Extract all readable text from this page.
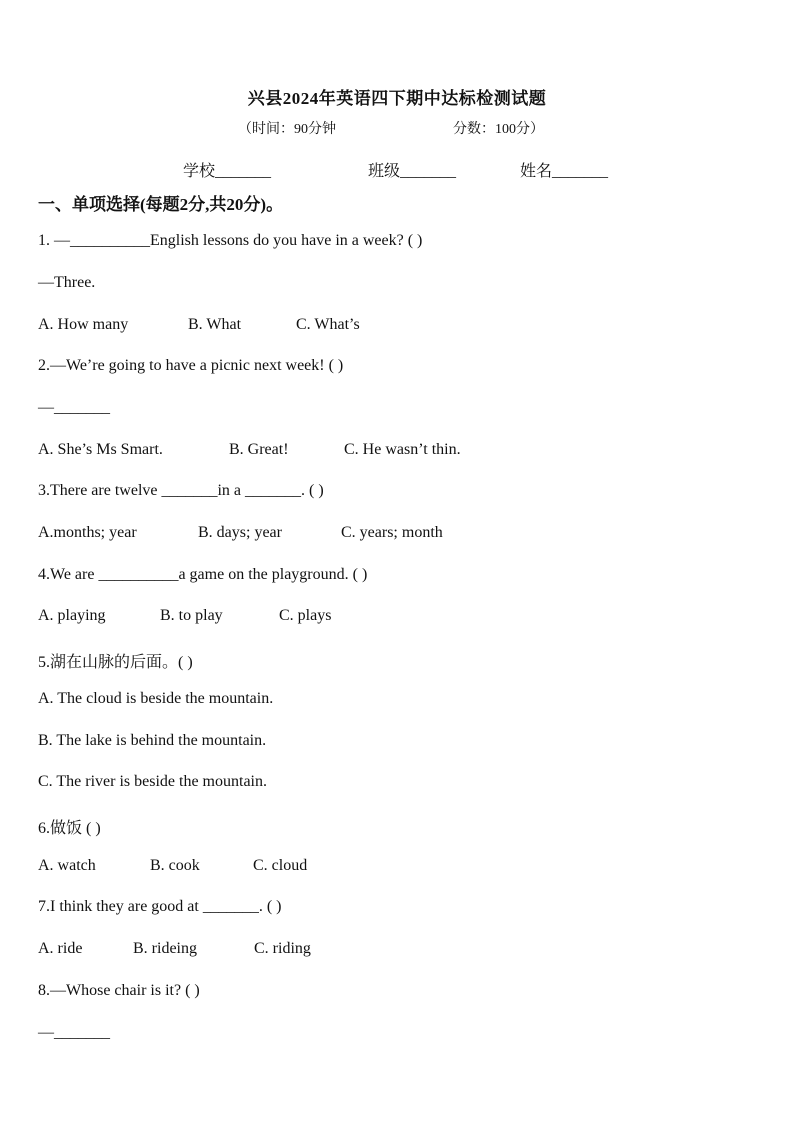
兴县2024年英语四下期中达标检测试题
（时间：90分钟	分数：100分）
学校_______	班级_______	姓名_______
一、单项选择(每题2分,共20分)。
1. —__________English lessons do you have in a week? ( )
—Three.
A. How many	B. What	C. What’s
2.—We’re going to have a picnic next week! ( )
—_______
A. She’s Ms Smart.	B. Great!	C. He wasn’t thin.
3.There are twelve _______in a _______. ( )
A.months; year	B. days; year	C. years; month
4.We are __________a game on the playground. ( )
A. playing	B. to play	C. plays
5.湖在山脉的后面。( )
A. The cloud is beside the mountain.
B. The lake is behind the mountain.
C. The river is beside the mountain.
6.做饭 ( )
A. watch	B. cook	C. cloud
7.I think they are good at _______. ( )
A. ride	B. rideing	C. riding
8.—Whose chair is it? ( )
—_______
